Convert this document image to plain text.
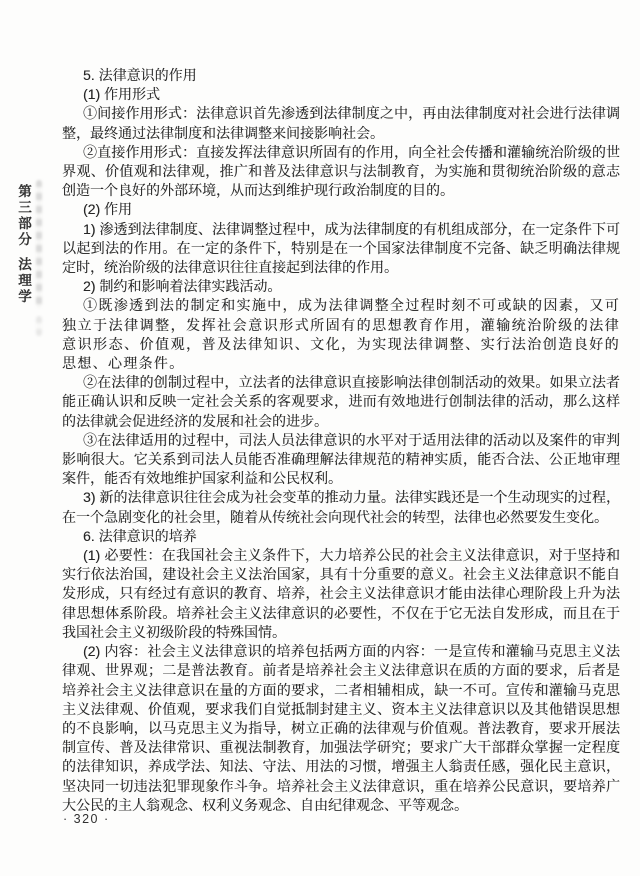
第三部分
法理学

5. 法律意识的作用

(1) 作用形式

①间接作用形式：法律意识首先渗透到法律制度之中，再由法律制度对社会进行法律调整，最终通过法律制度和法律调整来间接影响社会。

②直接作用形式：直接发挥法律意识所固有的作用，向全社会传播和灌输统治阶级的世界观、价值观和法律观，推广和普及法律意识与法制教育，为实施和贯彻统治阶级的意志创造一个良好的外部环境，从而达到维护现行政治制度的目的。

(2) 作用

1) 渗透到法律制度、法律调整过程中，成为法律制度的有机组成部分，在一定条件下可以起到法的作用。在一定的条件下，特别是在一个国家法律制度不完备、缺乏明确法律规定时，统治阶级的法律意识往往直接起到法律的作用。

2) 制约和影响着法律实践活动。

①既渗透到法的制定和实施中，成为法律调整全过程时刻不可或缺的因素，又可独立于法律调整，发挥社会意识形式所固有的思想教育作用，灌输统治阶级的法律意识形态、价值观，普及法律知识、文化，为实现法律调整、实行法治创造良好的思想、心理条件。

②在法律的创制过程中，立法者的法律意识直接影响法律创制活动的效果。如果立法者能正确认识和反映一定社会关系的客观要求，进而有效地进行创制法律的活动，那么这样的法律就会促进经济的发展和社会的进步。

③在法律适用的过程中，司法人员法律意识的水平对于适用法律的活动以及案件的审判影响很大。它关系到司法人员能否准确理解法律规范的精神实质，能否合法、公正地审理案件，能否有效地维护国家利益和公民权利。

3) 新的法律意识往往会成为社会变革的推动力量。法律实践还是一个生动现实的过程，在一个急剧变化的社会里，随着从传统社会向现代社会的转型，法律也必然要发生变化。

6. 法律意识的培养

(1) 必要性：在我国社会主义条件下，大力培养公民的社会主义法律意识，对于坚持和实行依法治国，建设社会主义法治国家，具有十分重要的意义。社会主义法律意识不能自发形成，只有经过有意识的教育、培养，社会主义法律意识才能由法律心理阶段上升为法律思想体系阶段。培养社会主义法律意识的必要性，不仅在于它无法自发形成，而且在于我国社会主义初级阶段的特殊国情。

(2) 内容：社会主义法律意识的培养包括两方面的内容：一是宣传和灌输马克思主义法律观、世界观；二是普法教育。前者是培养社会主义法律意识在质的方面的要求，后者是培养社会主义法律意识在量的方面的要求，二者相辅相成，缺一不可。宣传和灌输马克思主义法律观、价值观，要求我们自觉抵制封建主义、资本主义法律意识以及其他错误思想的不良影响，以马克思主义为指导，树立正确的法律观与价值观。普法教育，要求开展法制宣传、普及法律常识、重视法制教育，加强法学研究；要求广大干部群众掌握一定程度的法律知识，养成学法、知法、守法、用法的习惯，增强主人翁责任感，强化民主意识，坚决同一切违法犯罪现象作斗争。培养社会主义法律意识，重在培养公民意识，要培养广大公民的主人翁观念、权利义务观念、自由纪律观念、平等观念。

· 320 ·
